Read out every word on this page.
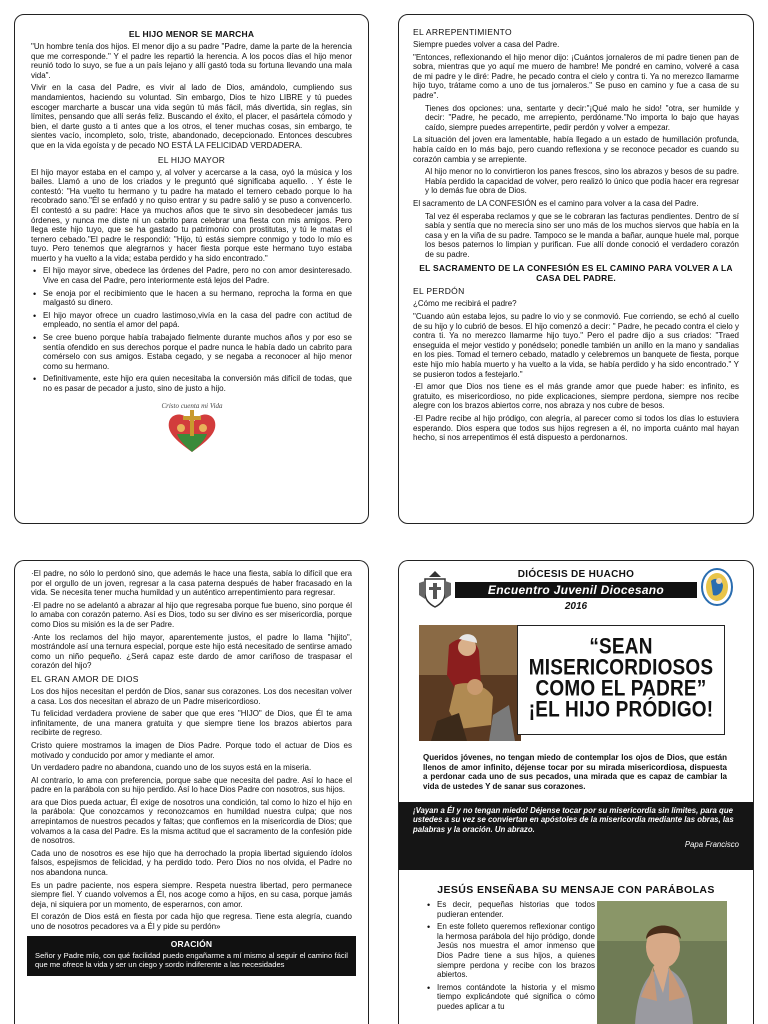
EL HIJO MENOR SE MARCHA

"Un hombre tenía dos hijos. El menor dijo a su padre "Padre, dame la parte de la herencia que me corresponde." Y el padre les repartió la herencia. A los pocos días el hijo menor reunió todo lo suyo, se fue a un país lejano y allí gastó toda su fortuna llevando una mala vida".

Vivir en la casa del Padre, es vivir al lado de Dios, amándolo, cumpliendo sus mandamientos, haciendo su voluntad. Sin embargo, Dios te hizo LIBRE y tú puedes escoger marcharte a buscar una vida según tú más fácil, más divertida, sin reglas, sin límites, pensando que allí serás feliz. Buscando el éxito, el placer, el pasártela cómodo y bien, el darte gusto a ti antes que a los otros, el tener muchas cosas, sin embargo, te sientes vacío, incompleto, solo, triste, abandonado, decepcionado. Entonces descubres que en la vida egoísta y de pecado NO ESTÁ LA FELICIDAD VERDADERA.

EL HIJO MAYOR

El hijo mayor estaba en el campo y, al volver y acercarse a la casa, oyó la música y los bailes. Llamó a uno de los criados y le preguntó qué significaba aquello. . Y éste le contestó: "Ha vuelto tu hermano y tu padre ha matado el ternero cebado porque lo ha recobrado sano."Él se enfadó y no quiso entrar y su padre salió y se puso a convencerlo. Él contestó a su padre: Hace ya muchos años que te sirvo sin desobedecer jamás tus órdenes, y nunca me diste ni un cabrito para celebrar una fiesta con mis amigos. Pero llega este hijo tuyo, que se ha gastado tu patrimonio con prostitutas, y tú le matas el ternero cebado."El padre le respondió: "Hijo, tú estás siempre conmigo y todo lo mío es tuyo. Pero tenemos que alegrarnos y hacer fiesta porque este hermano tuyo estaba muerto y ha vuelto a la vida; estaba perdido y ha sido encontrado."

• El hijo mayor sirve, obedece las órdenes del Padre, pero no con amor desinteresado. Vive en casa del Padre, pero interiormente está lejos del Padre.
• Se enoja por el recibimiento que le hacen a su hermano, reprocha la forma en que malgastó su dinero.
• El hijo mayor ofrece un cuadro lastimoso,vivía en la casa del padre con actitud de empleado, no sentía el amor del papá.
• Se cree bueno porque había trabajado fielmente durante muchos años y por eso se sentía ofendido en sus derechos porque el padre nunca le había dado un cabrito para comérselo con sus amigos. Estaba cegado, y se negaba a reconocer al hijo menor como su hermano.
• Definitivamente, este hijo era quien necesitaba la conversión más difícil de todas, que no es pasar de pecador a justo, sino de justo a hijo.
Cristo cuenta mi Vida
EL ARREPENTIMIENTO

Siempre puedes volver a casa del Padre.

"Entonces, reflexionando el hijo menor dijo: ¡Cuántos jornaleros de mi padre tienen pan de sobra, mientras que yo aquí me muero de hambre! Me pondré en camino, volveré a casa de mi padre y le diré: Padre, he pecado contra el cielo y contra ti. Ya no merezco llamarme hijo tuyo, trátame como a uno de tus jornaleros." Se puso en camino y fue a casa de su padre".

Tienes dos opciones: una, sentarte y decir:"¡Qué malo he sido! "otra, ser humilde y decir: "Padre, he pecado, me arrepiento, perdóname."No importa lo bajo que hayas caído, siempre puedes arrepentirte, pedir perdón y volver a empezar.

La situación del joven era lamentable, había llegado a un estado de humillación profunda, había caído en lo más bajo, pero cuando reflexiona y se reconoce pecador es cuando su corazón cambia y se arrepiente.

Al hijo menor no lo convirtieron los panes frescos, sino los abrazos y besos de su padre. Había perdido la capacidad de volver, pero realizó lo único que podía hacer era regresar y lo demás fue obra de Dios.

El sacramento de LA CONFESIÓN es el camino para volver a la casa del Padre.

Tal vez él esperaba reclamos y que se le cobraran las facturas pendientes. Dentro de sí sabía y sentía que no merecía sino ser uno más de los muchos siervos que había en la casa y en la viña de su padre. Tampoco se le manda a bañar, aunque huele mal, porque los besos paternos lo limpian y purifican. Fue allí donde conoció el verdadero corazón de su padre.

EL SACRAMENTO DE LA CONFESIÓN ES EL CAMINO PARA VOLVER A LA CASA DEL PADRE.
EL PERDÓN

¿Cómo me recibirá el padre?

"Cuando aún estaba lejos, su padre lo vio y se conmovió. Fue corriendo, se echó al cuello de su hijo y lo cubrió de besos. El hijo comenzó a decir: " Padre, he pecado contra el cielo y contra ti. Ya no merezco llamarme hijo tuyo." Pero el padre dijo a sus criados: "Traed enseguida el mejor vestido y ponédselo; ponedle también un anillo en la mano y sandalias en los pies. Tomad el ternero cebado, matadlo y celebremos un banquete de fiesta, porque este hijo mío había muerto y ha vuelto a la vida, se había perdido y ha sido encontrado." Y se pusieron todos a festejarlo."

·El amor que Dios nos tiene es el más grande amor que puede haber: es infinito, es gratuito, es misericordioso, no pide explicaciones, siempre perdona, siempre nos recibe alegre con los brazos abiertos corre, nos abraza y nos cubre de besos.

·El Padre recibe al hijo pródigo, con alegría, al parecer como si todos los días lo estuviera esperando. Dios espera que todos sus hijos regresen a él, no importa cuánto mal hayan hecho, si nos arrepentimos él está dispuesto a perdonarnos.

·El padre, no sólo lo perdonó sino, que además le hace una fiesta, sabía lo difícil que era por el orgullo de un joven, regresar a la casa paterna después de haber fracasado en la vida. Se necesita tener mucha humildad y un auténtico arrepentimiento para regresar.

·El padre no se adelantó a abrazar al hijo que regresaba porque fue bueno, sino porque él lo amaba con corazón paterno. Así es Dios, todo su ser divino es ser misericordia, porque como Dios su misión es la de ser Padre.

·Ante los reclamos del hijo mayor, aparentemente justos, el padre lo llama "hijito", mostrándole así una ternura especial, porque este hijo está necesitado de sentirse amado como un niño pequeño. ¿Será capaz este dardo de amor cariñoso de traspasar el corazón del hijo?

EL GRAN AMOR DE DIOS

Los dos hijos necesitan el perdón de Dios, sanar sus corazones. Los dos necesitan volver a casa. Los dos necesitan el abrazo de un Padre misericordioso.

Tu felicidad verdadera proviene de saber que que eres "HIJO" de Dios, que Él te ama infinitamente, de una manera gratuita y que siempre tiene los brazos abiertos para recibirte de regreso.

Cristo quiere mostramos la imagen de Dios Padre. Porque todo el actuar de Dios es motivado y conducido por amor y mediante el amor.

Un verdadero padre no abandona, cuando uno de los suyos está en la miseria.

Al contrario, lo ama con preferencia, porque sabe que necesita del padre. Así lo hace el padre en la parábola con su hijo perdido. Así lo hace Dios Padre con nosotros, sus hijos.

ara que Dios pueda actuar, Él exige de nosotros una condición, tal como lo hizo el hijo en la parábola: Que conozcamos y reconozcamos en humildad nuestra culpa; que nos arrepintamos de nuestros pecados y faltas; que confiemos en la misericordia de Dios; que volvamos a la casa del Padre. Es la misma actitud que el sacramento de la confesión pide de nosotros.

Cada uno de nosotros es ese hijo que ha derrochado la propia libertad siguiendo ídolos falsos, espejismos de felicidad, y ha perdido todo. Pero Dios no nos olvida, el Padre no nos abandona nunca.

Es un padre paciente, nos espera siempre. Respeta nuestra libertad, pero permanece siempre fiel. Y cuando volvemos a Él, nos acoge como a hijos, en su casa, porque jamás deja, ni siquiera por un momento, de esperarnos, con amor.

El corazón de Dios está en fiesta por cada hijo que regresa. Tiene esta alegría, cuando uno de nosotros pecadores va a Él y pide su perdón»

ORACIÓN

Señor y Padre mío, con qué facilidad puedo engañarme a mí mismo al seguir el camino fácil que me ofrece la vida y ser un ciego y sordo indiferente a las necesidades

DIÓCESIS DE HUACHO
Encuentro Juvenil Diocesano
2016
“SEAN
MISERICORDIOSOS
COMO EL PADRE”
¡EL HIJO PRÓDIGO!

Queridos jóvenes, no tengan miedo de contemplar los ojos de Dios, que están llenos de amor infinito, déjense tocar por su mirada misericordiosa, dispuesta a perdonar cada uno de sus pecados, una mirada que es capaz de cambiar la vida de ustedes Y de sanar sus corazones.

¡Vayan a Él y no tengan miedo! Déjense tocar por su misericordia sin límites, para que ustedes a su vez se conviertan en apóstoles de la misericordia mediante las obras, las palabras y la oración. Un abrazo.

Papa Francisco

JESÚS ENSEÑABA SU MENSAJE CON PARÁBOLAS
• Es decir, pequeñas historias que todos pudieran entender.
• En este folleto queremos reflexionar contigo la hermosa parábola del hijo pródigo, donde Jesús nos muestra el amor inmenso que Dios Padre tiene a sus hijos, a quienes siempre perdona y recibe con los brazos abiertos.
• Iremos contándote la historia y el mismo tiempo explicándote qué significa o cómo puedes aplicar a tu
